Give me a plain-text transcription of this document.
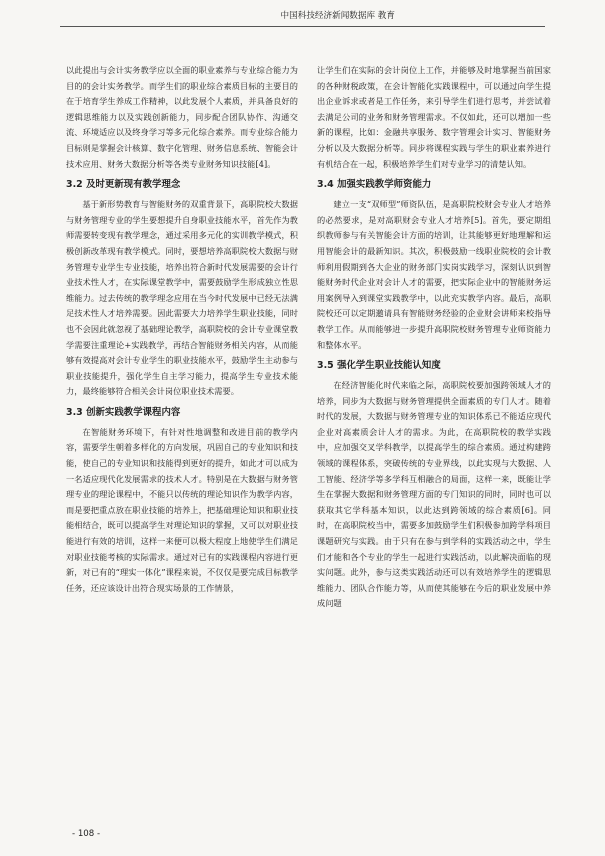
中国科技经济新闻数据库 教育

以此提出与会计实务教学应以全面的职业素养与专业综合能力为目的的会计实务教学。而学生们的职业综合素质目标的主要目的在于培育学生养成工作精神，以此发展个人素质，并具备良好的逻辑思维能力以及实践创新能力，同步配合团队协作、沟通交流、环境适应以及终身学习等多元化综合素养。而专业综合能力目标则是掌握会计核算、数字化管理、财务信息系统、智能会计技术应用、财务大数据分析等各类专业财务知识技能[4]。

3.2 及时更新现有教学理念

基于新形势教育与智能财务的双重背景下，高职院校大数据与财务管理专业的学生要想提升自身职业技能水平，首先作为教师需要转变现有教学理念，通过采用多元化的实训教学模式，积极创新改革现有教学模式。同时，要想培养高职院校大数据与财务管理专业学生专业技能，培养出符合新时代发展需要的会计行业技术性人才，在实际课堂教学中，需要鼓励学生形成独立性思维能力。过去传统的教学理念应用在当今时代发展中已经无法满足技术性人才培养需要。因此需要大力培养学生职业技能，同时也不会因此就忽视了基础理论教学，高职院校的会计专业课堂教学需要注重理论+实践教学，再结合智能财务相关内容，从而能够有效提高对会计专业学生的职业技能水平，鼓励学生主动参与职业技能提升，强化学生自主学习能力，提高学生专业技术能力，最终能够符合相关会计岗位职业技术需要。

3.3 创新实践教学课程内容

在智能财务环境下，有针对性地调整和改进目前的教学内容，需要学生朝着多样化的方向发展，巩固自己的专业知识和技能，使自己的专业知识和技能得到更好的提升，如此才可以成为一名适应现代化发展需求的技术人才。特别是在大数据与财务管理专业的理论课程中，不能只以传统的理论知识作为教学内容，而是要把重点放在职业技能的培养上，把基础理论知识和职业技能相结合，既可以提高学生对理论知识的掌握，又可以对职业技能进行有效的培训，这样一来便可以极大程度上地使学生们满足对职业技能考核的实际需求。通过对已有的实践课程内容进行更新，对已有的“理实一体化”课程来说，不仅仅是要完成目标教学任务，还应该设计出符合现实场景的工作情景，

让学生们在实际的会计岗位上工作，并能够及时地掌握当前国家的各种财税政策，在会计智能化实践课程中，可以通过向学生提出企业诉求或者是工作任务，来引导学生们进行思考，并尝试着去满足公司的业务和财务管理需求。不仅如此，还可以增加一些新的课程，比如：金融共享服务、数字管理会计实习、智能财务分析以及大数据分析等。同步将课程实践与学生的职业素养进行有机结合在一起，积极培养学生们对专业学习的清楚认知。

3.4 加强实践教学师资能力

建立一支“双师型”师资队伍，是高职院校财会专业人才培养的必然要求，是对高职财会专业人才培养[5]。首先，要定期组织教师参与有关智能会计方面的培训，让其能够更好地理解和运用智能会计的最新知识。其次，积极鼓励一线职业院校的会计教师利用假期到各大企业的财务部门实岗实践学习，深刻认识到智能财务时代企业对会计人才的需要，把实际企业中的智能财务运用案例导入到课堂实践教学中，以此充实教学内容。最后，高职院校还可以定期邀请具有智能财务经验的企业财会讲师来校指导教学工作。从而能够进一步提升高职院校财务管理专业师资能力和整体水平。

3.5 强化学生职业技能认知度

在经济智能化时代来临之际，高职院校要加强跨领域人才的培养，同步为大数据与财务管理提供全面素质的专门人才。随着时代的发展，大数据与财务管理专业的知识体系已不能适应现代企业对高素质会计人才的需求。为此，在高职院校的教学实践中，应加强交叉学科教学，以提高学生的综合素质。通过构建跨领域的课程体系，突破传统的专业界线，以此实现与大数据、人工智能、经济学等多学科互相融合的局面，这样一来，既能让学生在掌握大数据和财务管理方面的专门知识的同时，同时也可以获取其它学科基本知识，以此达到跨领域的综合素质[6]。同时，在高职院校当中，需要多加鼓励学生们积极参加跨学科项目课题研究与实践。由于只有在参与到学科的实践活动之中，学生们才能和各个专业的学生一起进行实践活动，以此解决面临的现实问题。此外，参与这类实践活动还可以有效培养学生的逻辑思维能力、团队合作能力等，从而使其能够在今后的职业发展中养成问题

- 108 -
